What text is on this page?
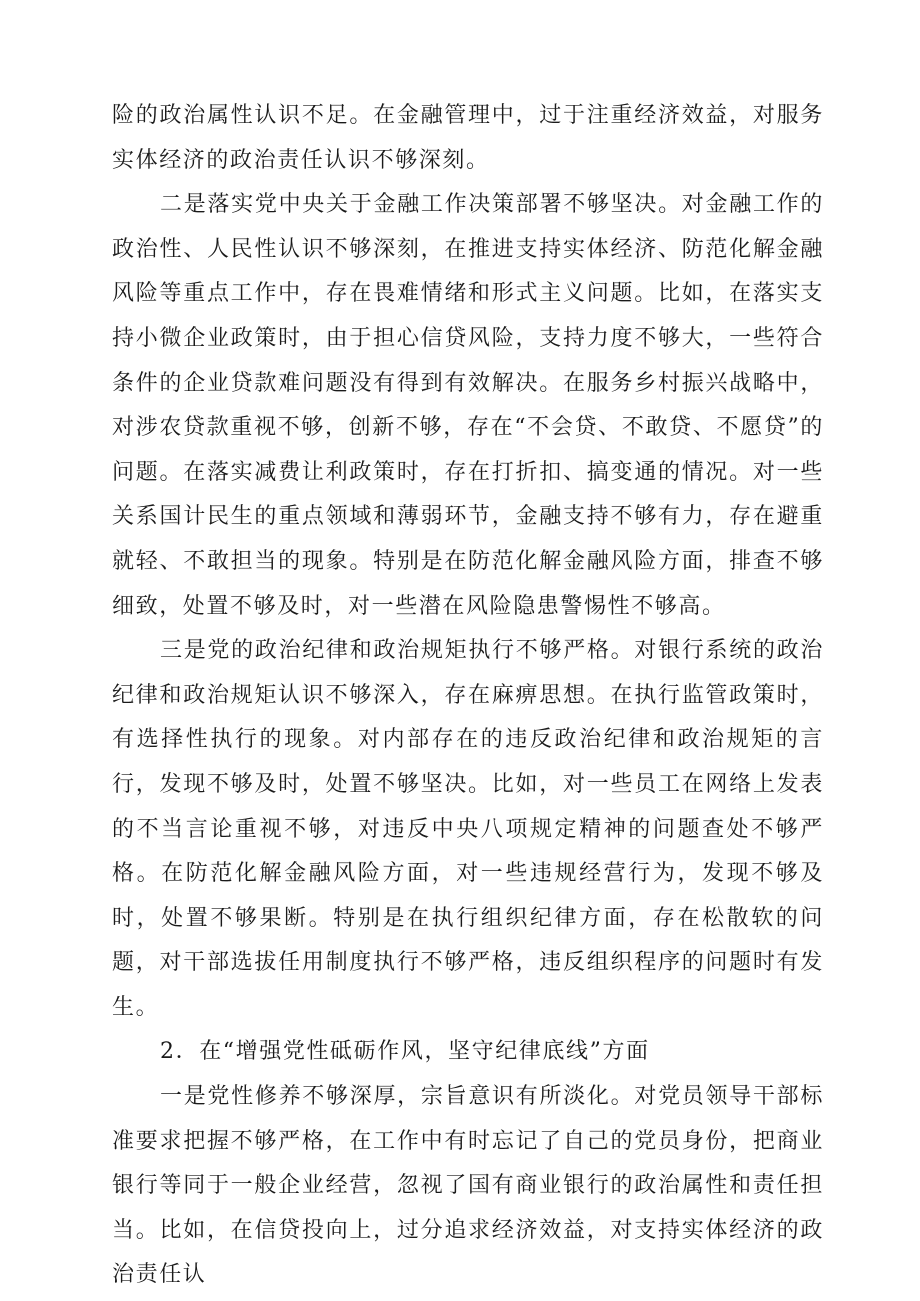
险的政治属性认识不足。在金融管理中，过于注重经济效益，对服务实体经济的政治责任认识不够深刻。

二是落实党中央关于金融工作决策部署不够坚决。对金融工作的政治性、人民性认识不够深刻，在推进支持实体经济、防范化解金融风险等重点工作中，存在畏难情绪和形式主义问题。比如，在落实支持小微企业政策时，由于担心信贷风险，支持力度不够大，一些符合条件的企业贷款难问题没有得到有效解决。在服务乡村振兴战略中，对涉农贷款重视不够，创新不够，存在“不会贷、不敢贷、不愿贷”的问题。在落实减费让利政策时，存在打折扣、搞变通的情况。对一些关系国计民生的重点领域和薄弱环节，金融支持不够有力，存在避重就轻、不敢担当的现象。特别是在防范化解金融风险方面，排查不够细致，处置不够及时，对一些潜在风险隐患警惕性不够高。

三是党的政治纪律和政治规矩执行不够严格。对银行系统的政治纪律和政治规矩认识不够深入，存在麻痹思想。在执行监管政策时，有选择性执行的现象。对内部存在的违反政治纪律和政治规矩的言行，发现不够及时，处置不够坚决。比如，对一些员工在网络上发表的不当言论重视不够，对违反中央八项规定精神的问题查处不够严格。在防范化解金融风险方面，对一些违规经营行为，发现不够及时，处置不够果断。特别是在执行组织纪律方面，存在松散软的问题，对干部选拔任用制度执行不够严格，违反组织程序的问题时有发生。

2．在“增强党性砥砺作风，坚守纪律底线”方面

一是党性修养不够深厚，宗旨意识有所淡化。对党员领导干部标准要求把握不够严格，在工作中有时忘记了自己的党员身份，把商业银行等同于一般企业经营，忽视了国有商业银行的政治属性和责任担当。比如，在信贷投向上，过分追求经济效益，对支持实体经济的政治责任认
